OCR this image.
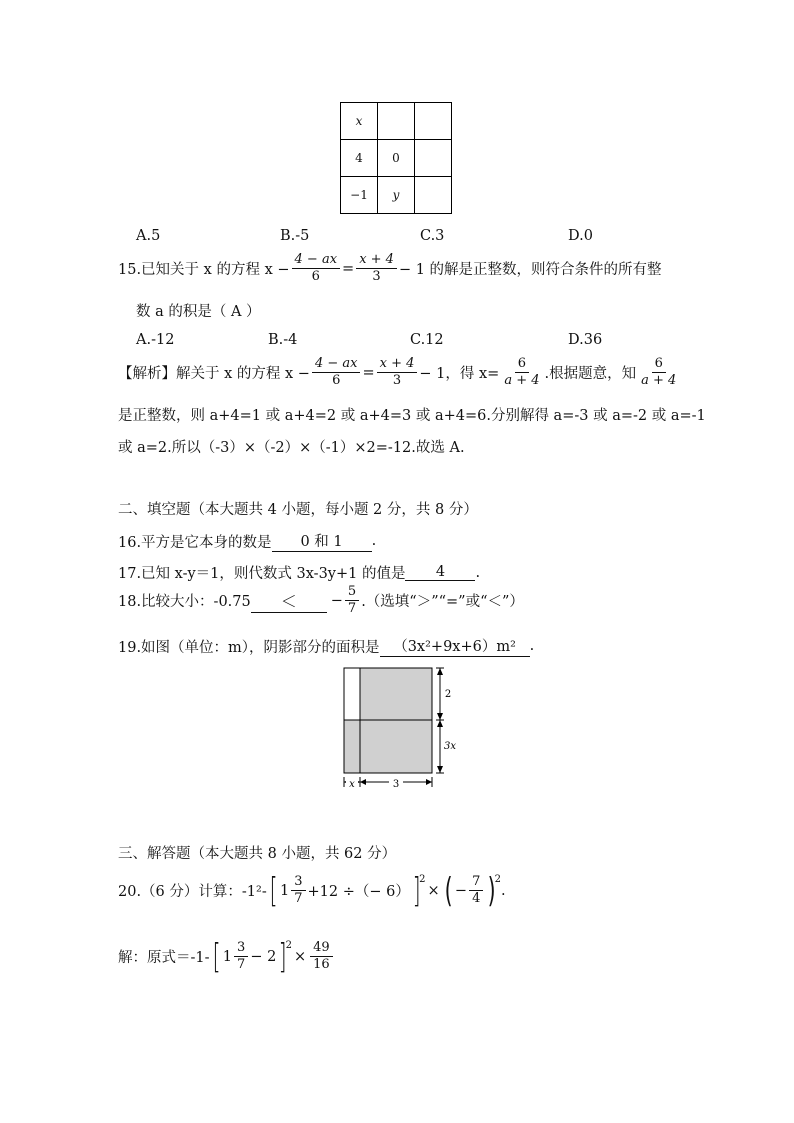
x		
4	0	
−1	y	
A.5	B.-5	C.3	D.0
15.已知关于 x 的方程 $x - \frac{4 - ax}{6} = \frac{x + 4}{3} - 1$ 的解是正整数，则符合条件的所有整
数 a 的积是（ A ）
A.-12	B.-4	C.12	D.36
【解析】 解关于 x 的方程 $x - \frac{4 - ax}{6} = \frac{x + 4}{3} - 1$，得 $x= \frac{6}{a + 4}$ .根据题意，知 $\frac{6}{a + 4}$
是正整数，则 a+4=1 或 a+4=2 或 a+4=3 或 a+4=6.分别解得 a=-3 或 a=-2 或 a=-1
或 a=2.所以（-3）×（-2）×（-1）×2=-12.故选 A.
二、填空题（本大题共 4 小题，每小题 2 分，共 8 分）
16.平方是它本身的数是	0 和 1	.
17.已知 x-y＝1，则代数式 3x-3y+1 的值是	4	.
18.比较大小：-0.75	＜	− $\frac{5}{7}$ .（选填“＞”“=”或“＜”）
19.如图（单位：m），阴影部分的面积是 （3x²+9x+6）m² .
2
3x
x	3
三、解答题（本大题共 8 小题，共 62 分）
20.（6 分）计算：-1²- [ $1 \frac{3}{7} +12$ ÷（− 6） ]
2
× ( − $\frac{7}{4}$ )
2
.
解：原式＝-1- [ $1 \frac{3}{7} - 2$ ]
2
× $\frac{49}{16}$
